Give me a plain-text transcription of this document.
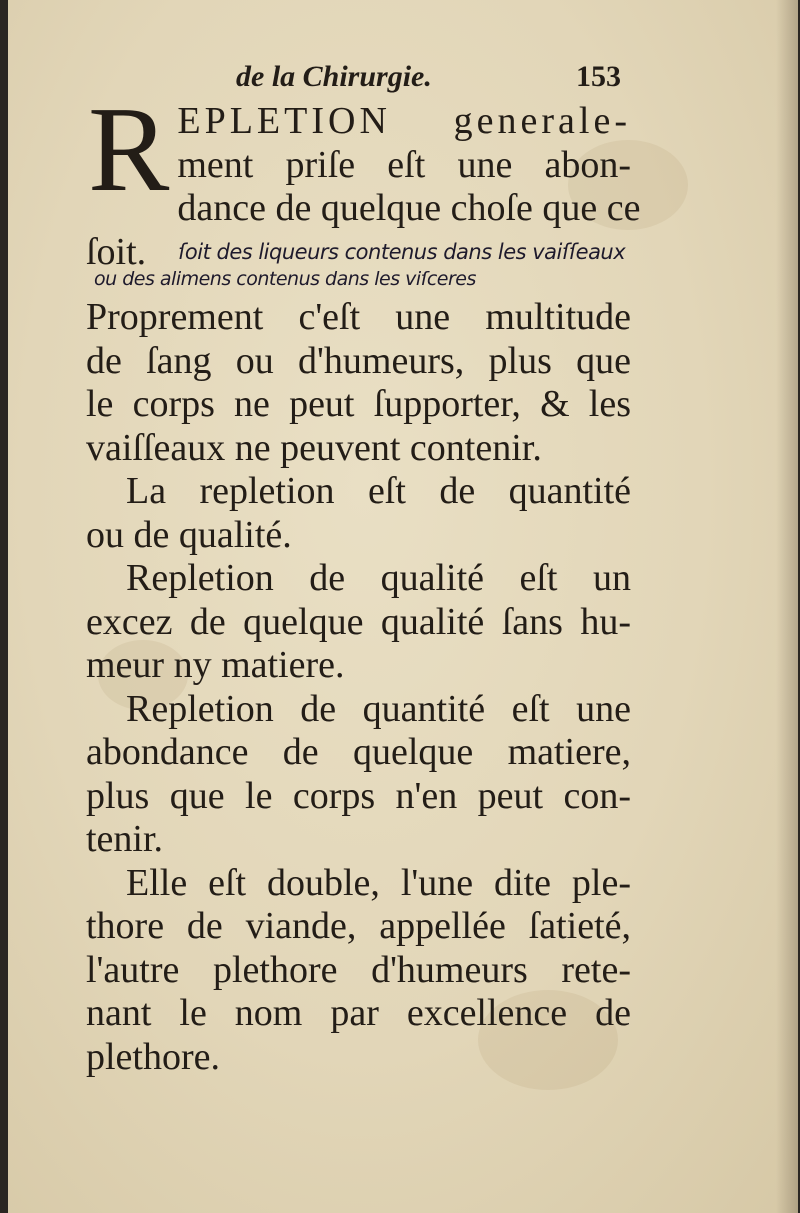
de la Chirurgie.	153
R EPLETION generale-
ment priſe eſt une abon-
dance de quelque choſe que ce
ſoit.
Proprement c'eſt une multitude
de ſang ou d'humeurs, plus que
le corps ne peut ſupporter, & les
vaiſſeaux ne peuvent contenir.
La repletion eſt de quantité
ou de qualité.
Repletion de qualité eſt un
excez de quelque qualité ſans hu-
meur ny matiere.
Repletion de quantité eſt une
abondance de quelque matiere,
plus que le corps n'en peut con-
tenir.
Elle eſt double, l'une dite ple-
thore de viande, appellée ſatieté,
l'autre plethore d'humeurs rete-
nant le nom par excellence de
plethore.
ſoit des liqueurs contenus dans les vaiſſeaux
ou des alimens contenus dans les viſceres
